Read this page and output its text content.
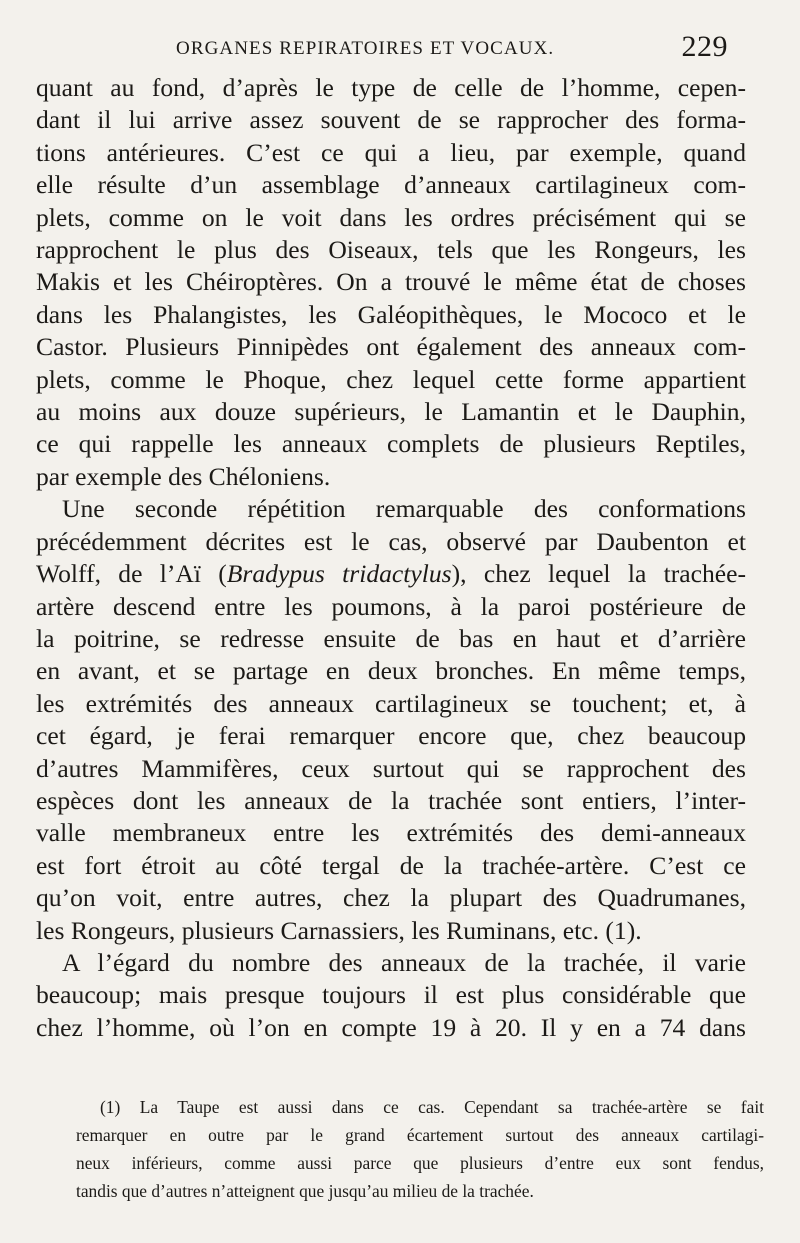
ORGANES REPIRATOIRES ET VOCAUX.	229
quant au fond, d’après le type de celle de l’homme, cepen-
dant il lui arrive assez souvent de se rapprocher des forma-
tions antérieures. C’est ce qui a lieu, par exemple, quand
elle résulte d’un assemblage d’anneaux cartilagineux com-
plets, comme on le voit dans les ordres précisément qui se
rapprochent le plus des Oiseaux, tels que les Rongeurs, les
Makis et les Chéiroptères. On a trouvé le même état de choses
dans les Phalangistes, les Galéopithèques, le Mococo et le
Castor. Plusieurs Pinnipèdes ont également des anneaux com-
plets, comme le Phoque, chez lequel cette forme appartient
au moins aux douze supérieurs, le Lamantin et le Dauphin,
ce qui rappelle les anneaux complets de plusieurs Reptiles,
par exemple des Chéloniens.
Une seconde répétition remarquable des conformations
précédemment décrites est le cas, observé par Daubenton et
Wolff, de l’Aï (Bradypus tridactylus), chez lequel la trachée-
artère descend entre les poumons, à la paroi postérieure de
la poitrine, se redresse ensuite de bas en haut et d’arrière
en avant, et se partage en deux bronches. En même temps,
les extrémités des anneaux cartilagineux se touchent; et, à
cet égard, je ferai remarquer encore que, chez beaucoup
d’autres Mammifères, ceux surtout qui se rapprochent des
espèces dont les anneaux de la trachée sont entiers, l’inter-
valle membraneux entre les extrémités des demi-anneaux
est fort étroit au côté tergal de la trachée-artère. C’est ce
qu’on voit, entre autres, chez la plupart des Quadrumanes,
les Rongeurs, plusieurs Carnassiers, les Ruminans, etc. (1).
A l’égard du nombre des anneaux de la trachée, il varie
beaucoup; mais presque toujours il est plus considérable que
chez l’homme, où l’on en compte 19 à 20. Il y en a 74 dans
(1) La Taupe est aussi dans ce cas. Cependant sa trachée-artère se fait
remarquer en outre par le grand écartement surtout des anneaux cartilagi-
neux inférieurs, comme aussi parce que plusieurs d’entre eux sont fendus,
tandis que d’autres n’atteignent que jusqu’au milieu de la trachée.
